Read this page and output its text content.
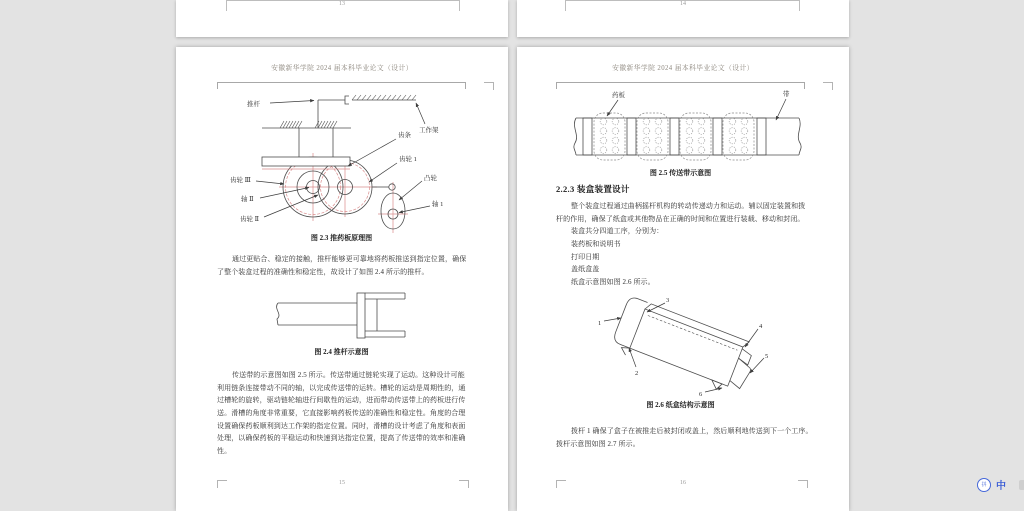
13	14
安徽新华学院 2024 届本科毕业论文（设计）
推杆
工作架
齿条
齿轮 1
凸轮
轴 1
齿轮 Ⅲ
轴 Ⅱ
齿轮 Ⅱ
图 2.3 推药板原理图
通过更贴合、稳定的接触，推杆能够更可靠地将药板推送到指定位置，确保
了整个装盒过程的准确性和稳定性，故设计了如图 2.4 所示的推杆。
图 2.4 推杆示意图
传送带的示意图如图 2.5 所示。传送带通过链轮实现了运动。这种设计可能
利用链条连接带动不同的轴，以完成传送带的运转。槽轮的运动是周期性的，通
过槽轮的旋转，驱动链轮轴进行间歇性的运动，进而带动传送带上的药板进行传
送。滑槽的角度非常重要，它直接影响药板传送的准确性和稳定性。角度的合理
设置确保药板顺利到达工作架的指定位置。同时，滑槽的设计考虑了角度和表面
处理，以确保药板的平稳运动和快速到达指定位置，提高了传送带的效率和准确
性。
15
安徽新华学院 2024 届本科毕业论文（设计）
药板	带
图 2.5 传送带示意图
2.2.3 装盒装置设计
整个装盒过程通过曲柄摇杆机构的转动传递动力和运动。辅以固定装置和拨
杆的作用，确保了纸盒或其他物品在正确的时间和位置进行装载、移动和封闭。
装盒共分四道工序，分别为：
装药板和说明书
打印日期
盖纸盒盖
纸盒示意图如图 2.6 所示。
1
2
3
4
5
6
图 2.6 纸盒结构示意图
拨杆 1 确保了盒子在被推走后被封闭或盖上，然后顺利地传送到下一个工序。
拨杆示意图如图 2.7 所示。
16	拼 中
